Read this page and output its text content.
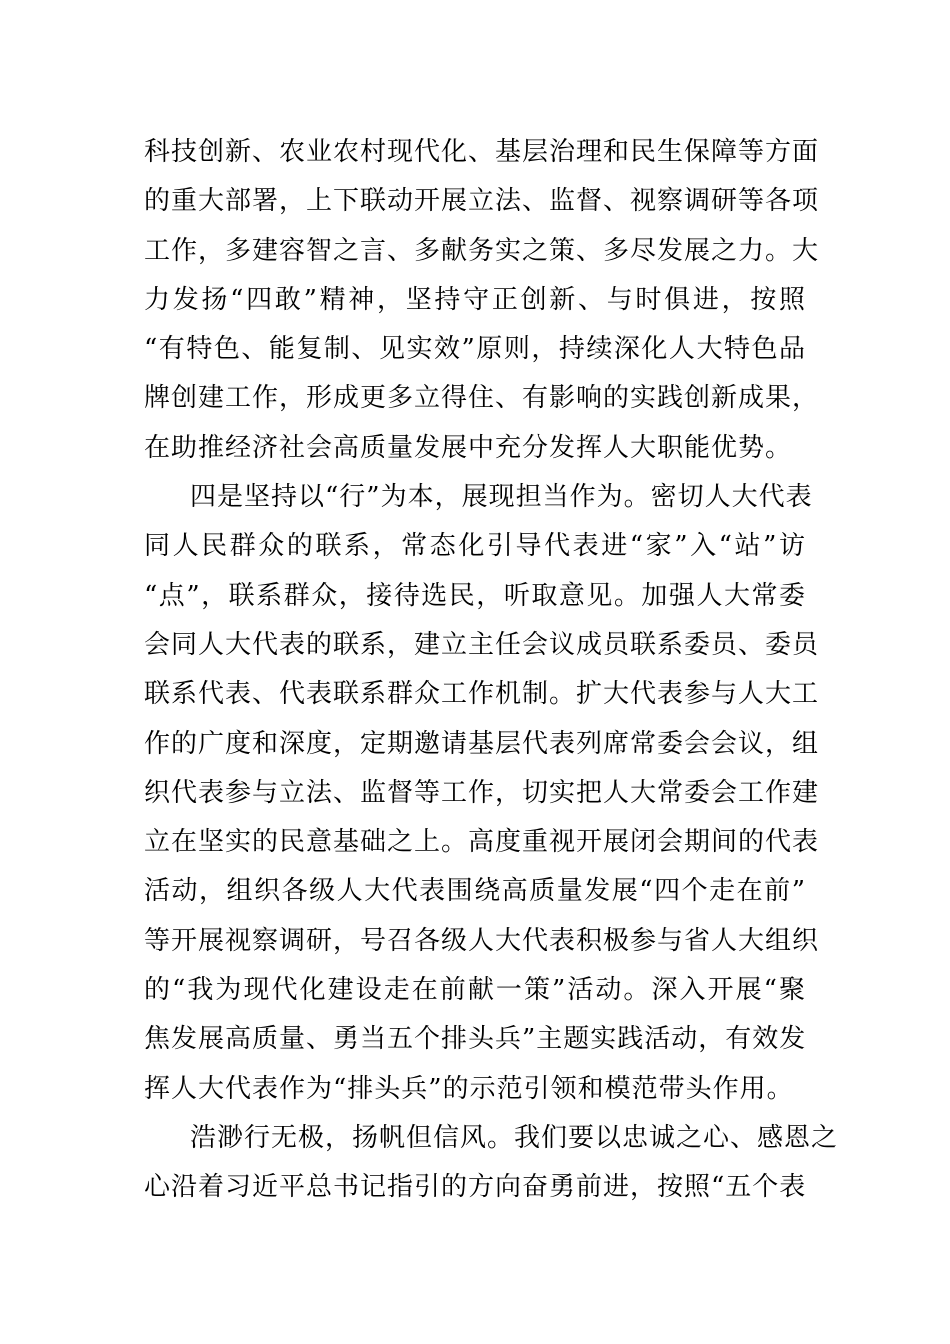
科技创新、农业农村现代化、基层治理和民生保障等方面
的重大部署，上下联动开展立法、监督、视察调研等各项
工作，多建容智之言、多献务实之策、多尽发展之力。大
力发扬“四敢”精神，坚持守正创新、与时俱进，按照
“有特色、能复制、见实效”原则，持续深化人大特色品
牌创建工作，形成更多立得住、有影响的实践创新成果，
在助推经济社会高质量发展中充分发挥人大职能优势。
四是坚持以“行”为本，展现担当作为。密切人大代表
同人民群众的联系，常态化引导代表进“家”入“站”访
“点”，联系群众，接待选民，听取意见。加强人大常委
会同人大代表的联系，建立主任会议成员联系委员、委员
联系代表、代表联系群众工作机制。扩大代表参与人大工
作的广度和深度，定期邀请基层代表列席常委会会议，组
织代表参与立法、监督等工作，切实把人大常委会工作建
立在坚实的民意基础之上。高度重视开展闭会期间的代表
活动，组织各级人大代表围绕高质量发展“四个走在前”
等开展视察调研，号召各级人大代表积极参与省人大组织
的“我为现代化建设走在前献一策”活动。深入开展“聚
焦发展高质量、勇当五个排头兵”主题实践活动，有效发
挥人大代表作为“排头兵”的示范引领和模范带头作用。
浩渺行无极，扬帆但信风。我们要以忠诚之心、感恩之
心沿着习近平总书记指引的方向奋勇前进，按照“五个表
